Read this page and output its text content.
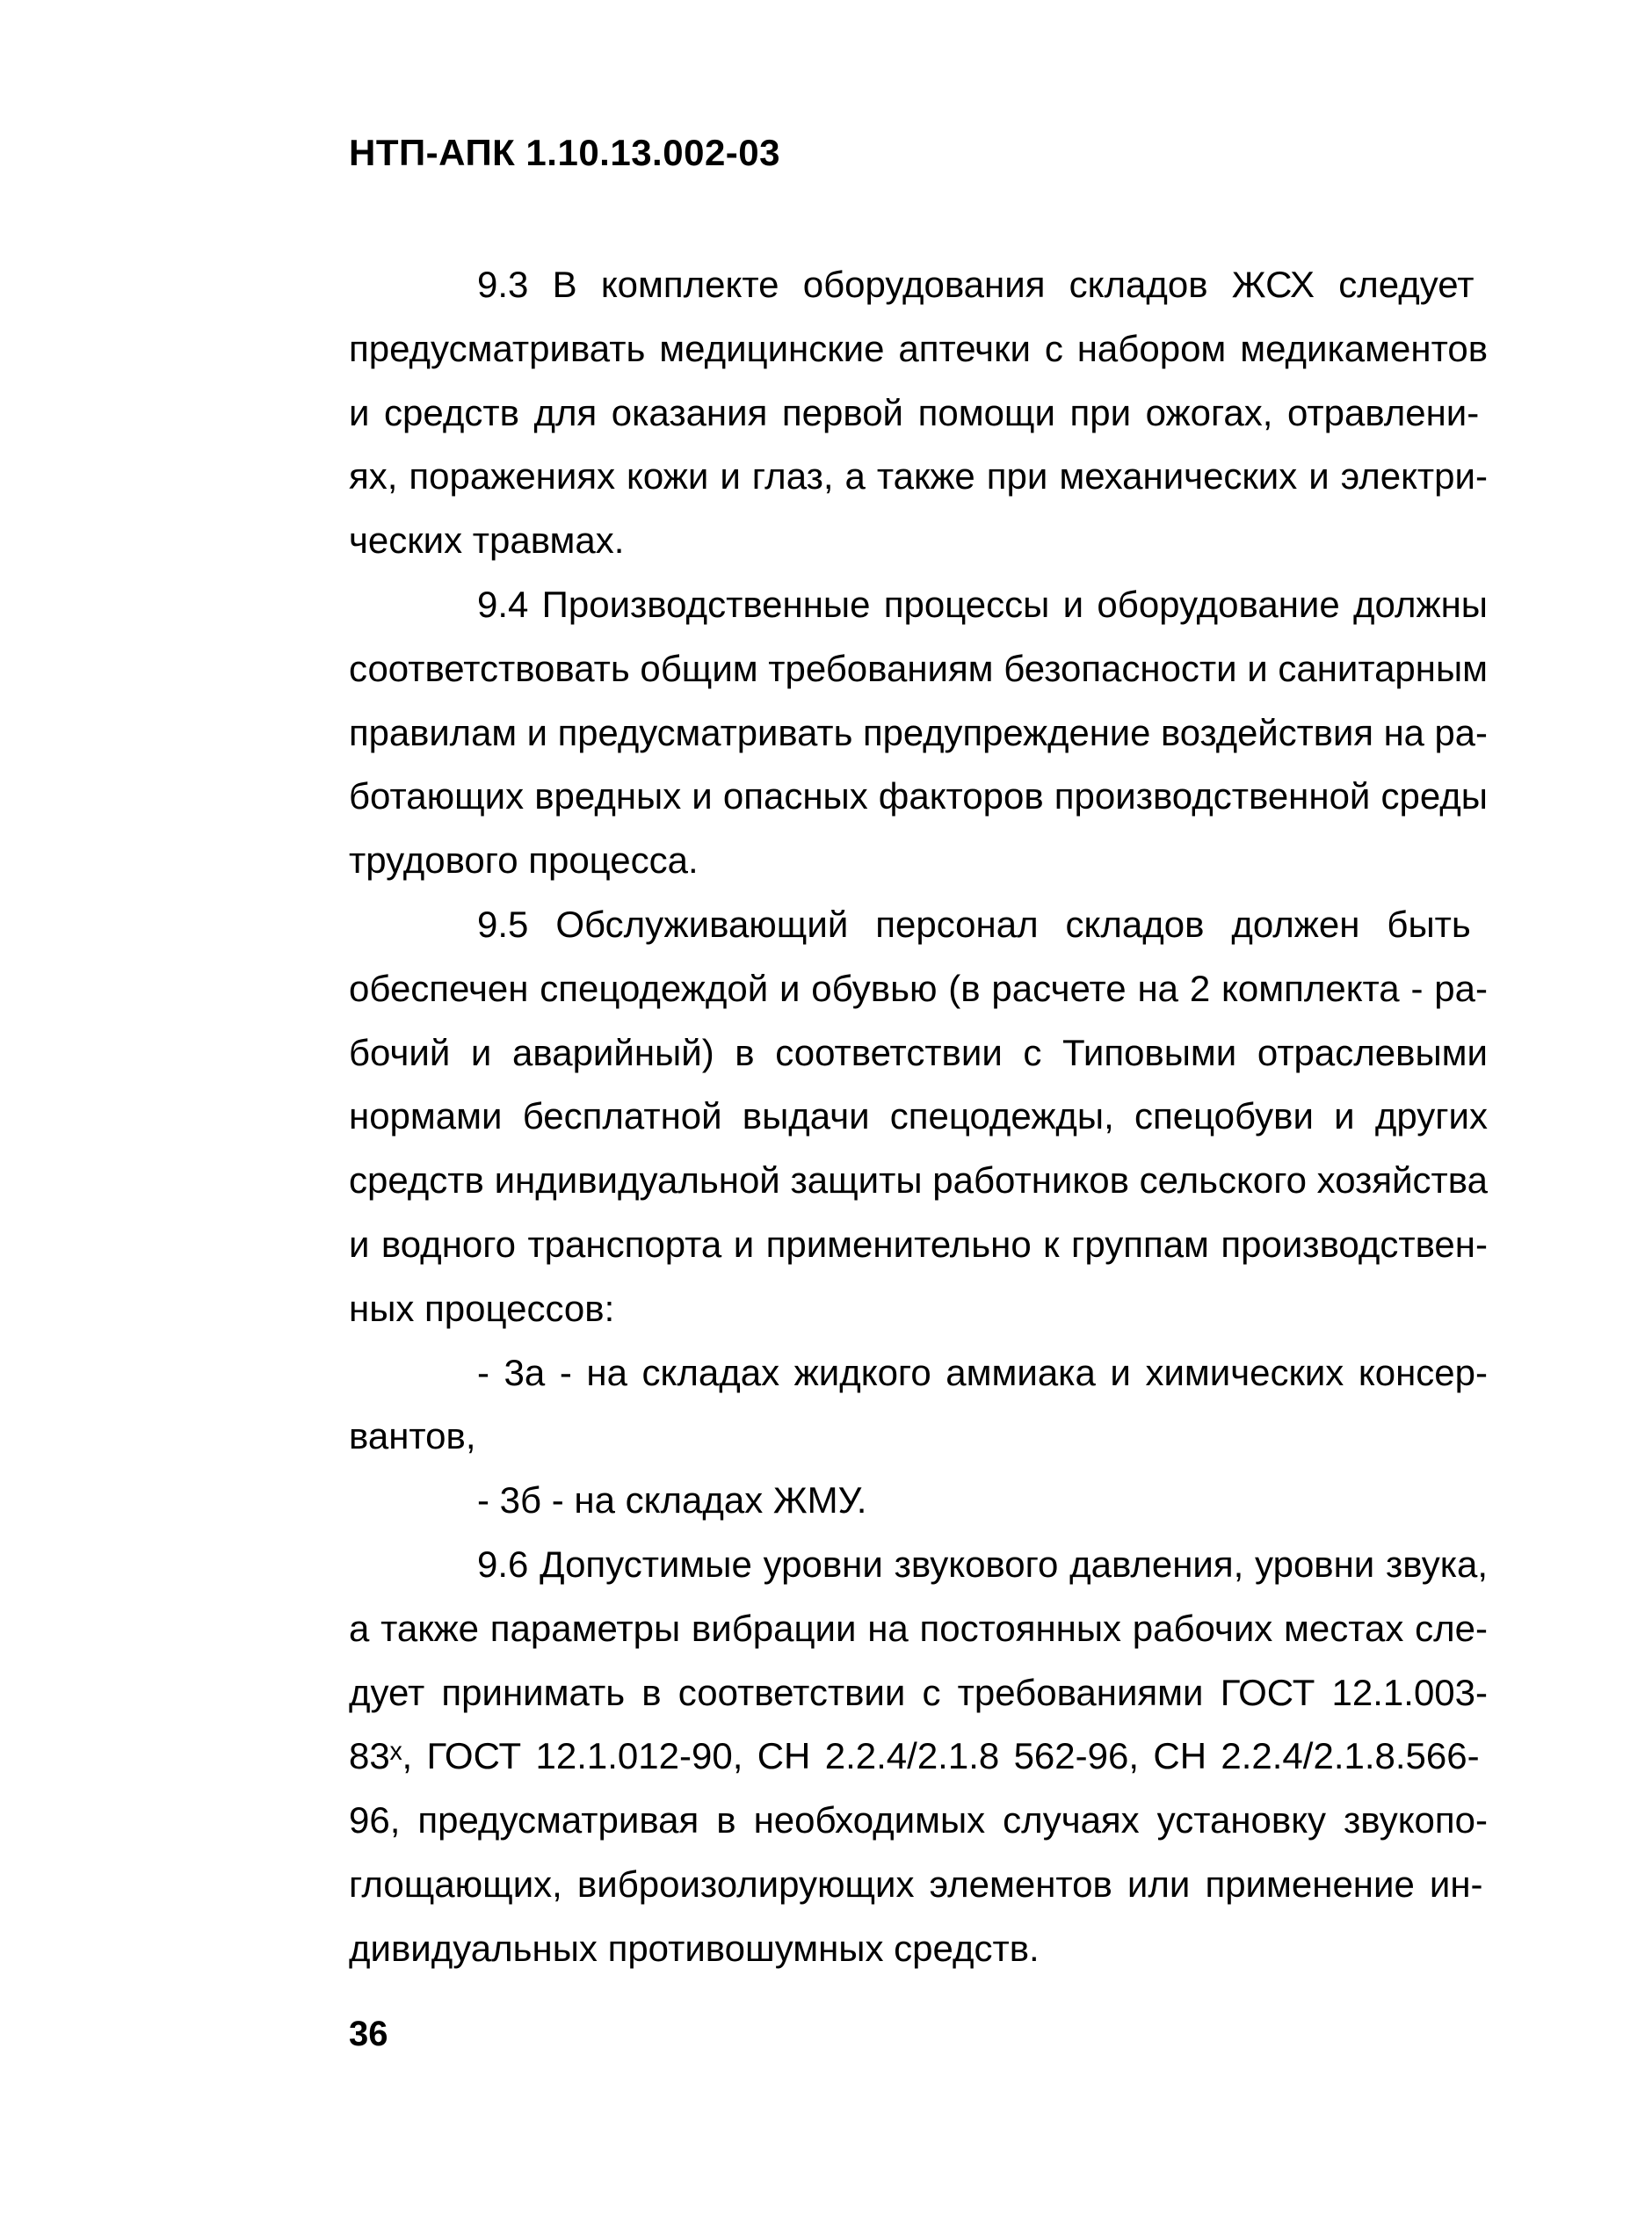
НТП-АПК 1.10.13.002-03
9.3 В комплекте оборудования складов ЖСХ следует
предусматривать медицинские аптечки с набором медикаментов
и средств для оказания первой помощи при ожогах, отравлени-
ях, поражениях кожи и глаз, а также при механических и электри-
ческих травмах.
9.4 Производственные процессы и оборудование должны
соответствовать общим требованиям безопасности и санитарным
правилам и предусматривать предупреждение воздействия на ра-
ботающих вредных и опасных факторов производственной среды
трудового процесса.
9.5 Обслуживающий персонал складов должен быть
обеспечен спецодеждой и обувью (в расчете на 2 комплекта - ра-
бочий и аварийный) в соответствии с Типовыми отраслевыми
нормами бесплатной выдачи спецодежды, спецобуви и других
средств индивидуальной защиты работников сельского хозяйства
и водного транспорта и применительно к группам производствен-
ных процессов:
- 3а - на складах жидкого аммиака и химических консер-
вантов,
- 3б - на складах ЖМУ.
9.6 Допустимые уровни звукового давления, уровни звука,
а также параметры вибрации на постоянных рабочих местах сле-
дует принимать в соответствии с требованиями ГОСТ 12.1.003-
83ˣ, ГОСТ 12.1.012-90, СН 2.2.4/2.1.8 562-96, СН 2.2.4/2.1.8.566-
96, предусматривая в необходимых случаях установку звукопо-
глощающих, виброизолирующих элементов или применение ин-
дивидуальных противошумных средств.
36
